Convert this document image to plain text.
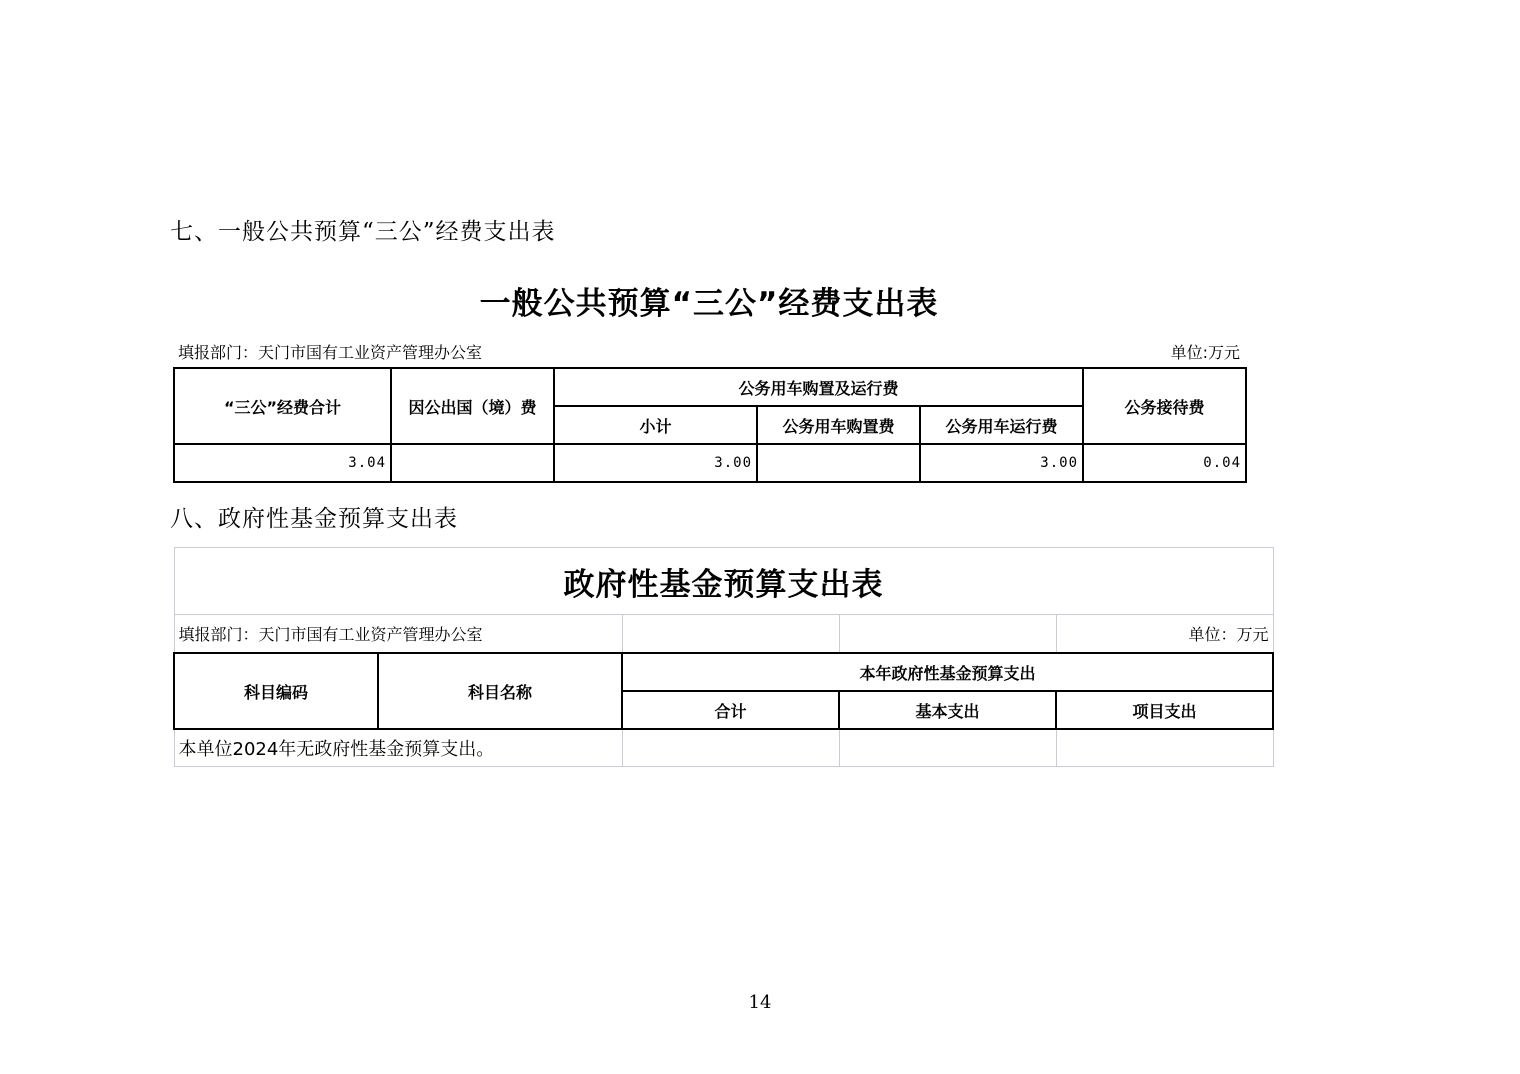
七、一般公共预算“三公”经费支出表
一般公共预算“三公”经费支出表
填报部门：天门市国有工业资产管理办公室	单位:万元
“三公”经费合计	因公出国（境）费	公务用车购置及运行费			公务接待费
		小计	公务用车购置费	公务用车运行费	
3.04		3.00		3.00	0.04
八、政府性基金预算支出表
政府性基金预算支出表				
填报部门：天门市国有工业资产管理办公室				单位：万元
科目编码	科目名称	本年政府性基金预算支出		
		合计	基本支出	项目支出
本单位2024年无政府性基金预算支出。				
14
